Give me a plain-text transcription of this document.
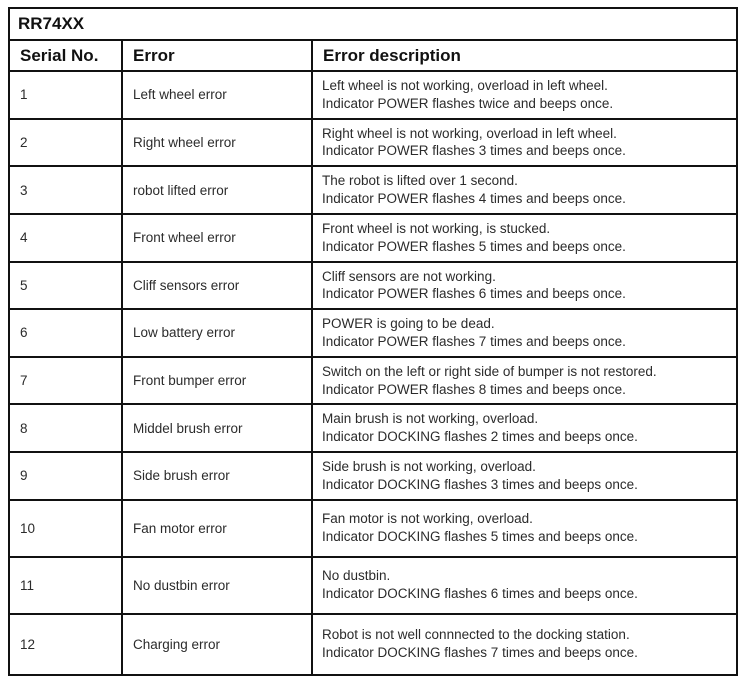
RR74XX		
Serial No.	Error	Error description
1	Left wheel error	Left wheel is not working, overload in left wheel.
Indicator POWER flashes twice and beeps once.

2	Right wheel error	Right wheel is not working, overload in left wheel.
Indicator POWER flashes 3 times and beeps once.

3	robot lifted error	The robot is lifted over 1 second.
Indicator POWER flashes 4 times and beeps once.

4	Front wheel error	Front wheel is not working, is stucked.
Indicator POWER flashes 5 times and beeps once.

5	Cliff sensors error	Cliff sensors are not working.
Indicator POWER flashes 6 times and beeps once.

6	Low battery error	POWER is going to be dead.
Indicator POWER flashes 7 times and beeps once.

7	Front bumper error	Switch on the left or right side of bumper is not restored.
Indicator POWER flashes 8 times and beeps once.

8	Middel brush error	Main brush is not working, overload.
Indicator DOCKING flashes 2 times and beeps once.

9	Side brush error	Side brush is not working, overload.
Indicator DOCKING flashes 3 times and beeps once.

10	Fan motor error	Fan motor is not working, overload.
Indicator DOCKING flashes 5 times and beeps once.

11	No dustbin error	No dustbin.
Indicator DOCKING flashes 6 times and beeps once.

12	Charging error	Robot is not well connnected to the docking station.
Indicator DOCKING flashes 7 times and beeps once.
